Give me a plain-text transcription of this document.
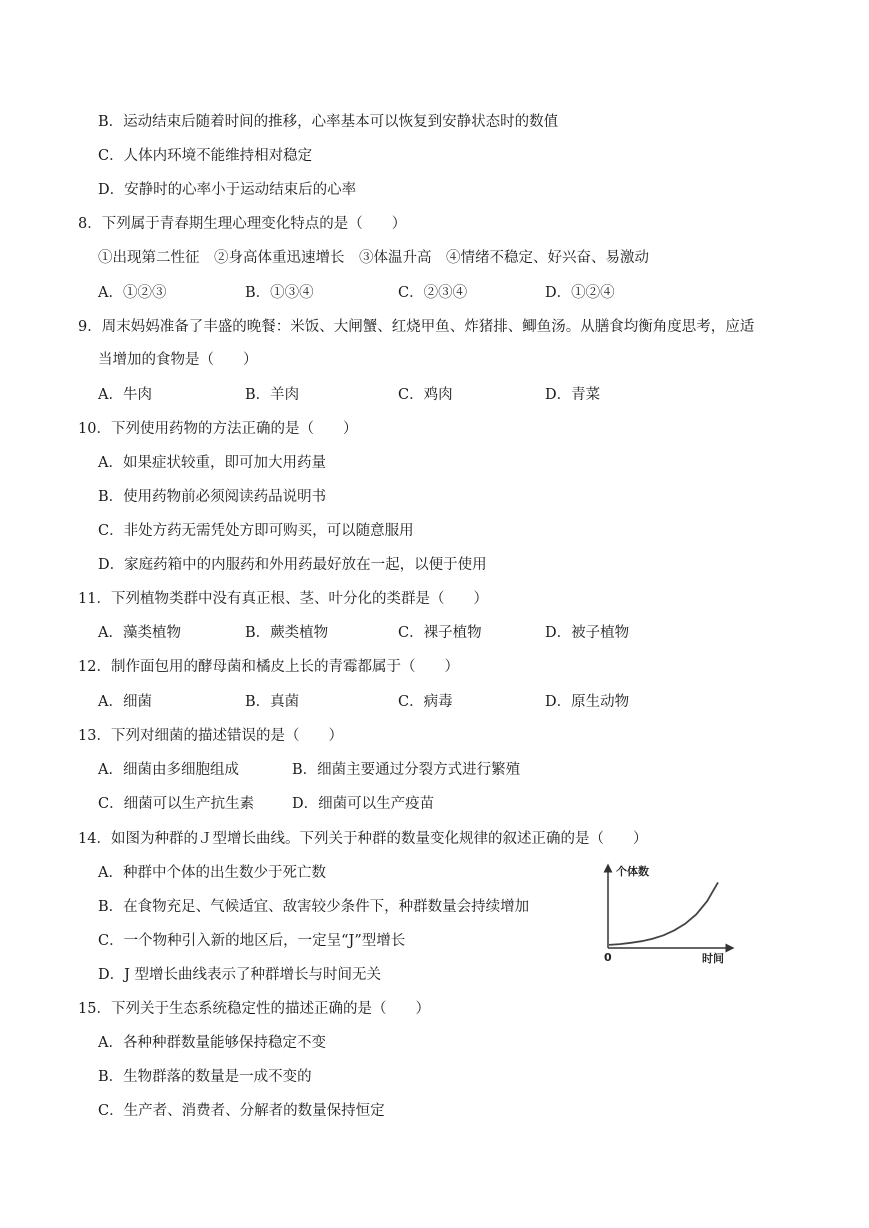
B．运动结束后随着时间的推移，心率基本可以恢复到安静状态时的数值
C．人体内环境不能维持相对稳定
D．安静时的心率小于运动结束后的心率
8．下列属于青春期生理心理变化特点的是（　　）
①出现第二性征　②身高体重迅速增长　③体温升高　④情绪不稳定、好兴奋、易激动
A．①②③	B．①③④	C．②③④	D．①②④
9．周末妈妈准备了丰盛的晚餐：米饭、大闸蟹、红烧甲鱼、炸猪排、鲫鱼汤。从膳食均衡角度思考，应适
当增加的食物是（　　）
A．牛肉	B．羊肉	C．鸡肉	D．青菜
10．下列使用药物的方法正确的是（　　）
A．如果症状较重，即可加大用药量
B．使用药物前必须阅读药品说明书
C．非处方药无需凭处方即可购买，可以随意服用
D．家庭药箱中的内服药和外用药最好放在一起，以便于使用
11．下列植物类群中没有真正根、茎、叶分化的类群是（　　）
A．藻类植物	B．蕨类植物	C．裸子植物	D．被子植物
12．制作面包用的酵母菌和橘皮上长的青霉都属于（　　）
A．细菌	B．真菌	C．病毒	D．原生动物
13．下列对细菌的描述错误的是（　　）
A．细菌由多细胞组成	B．细菌主要通过分裂方式进行繁殖
C．细菌可以生产抗生素	D．细菌可以生产疫苗
14．如图为种群的Ｊ型增长曲线。下列关于种群的数量变化规律的叙述正确的是（　　）
A．种群中个体的出生数少于死亡数
B．在食物充足、气候适宜、敌害较少条件下，种群数量会持续增加
C．一个物种引入新的地区后，一定呈“J”型增长
D．J 型增长曲线表示了种群增长与时间无关
个体数
时间
0
15．下列关于生态系统稳定性的描述正确的是（　　）
A．各种种群数量能够保持稳定不变
B．生物群落的数量是一成不变的
C．生产者、消费者、分解者的数量保持恒定
